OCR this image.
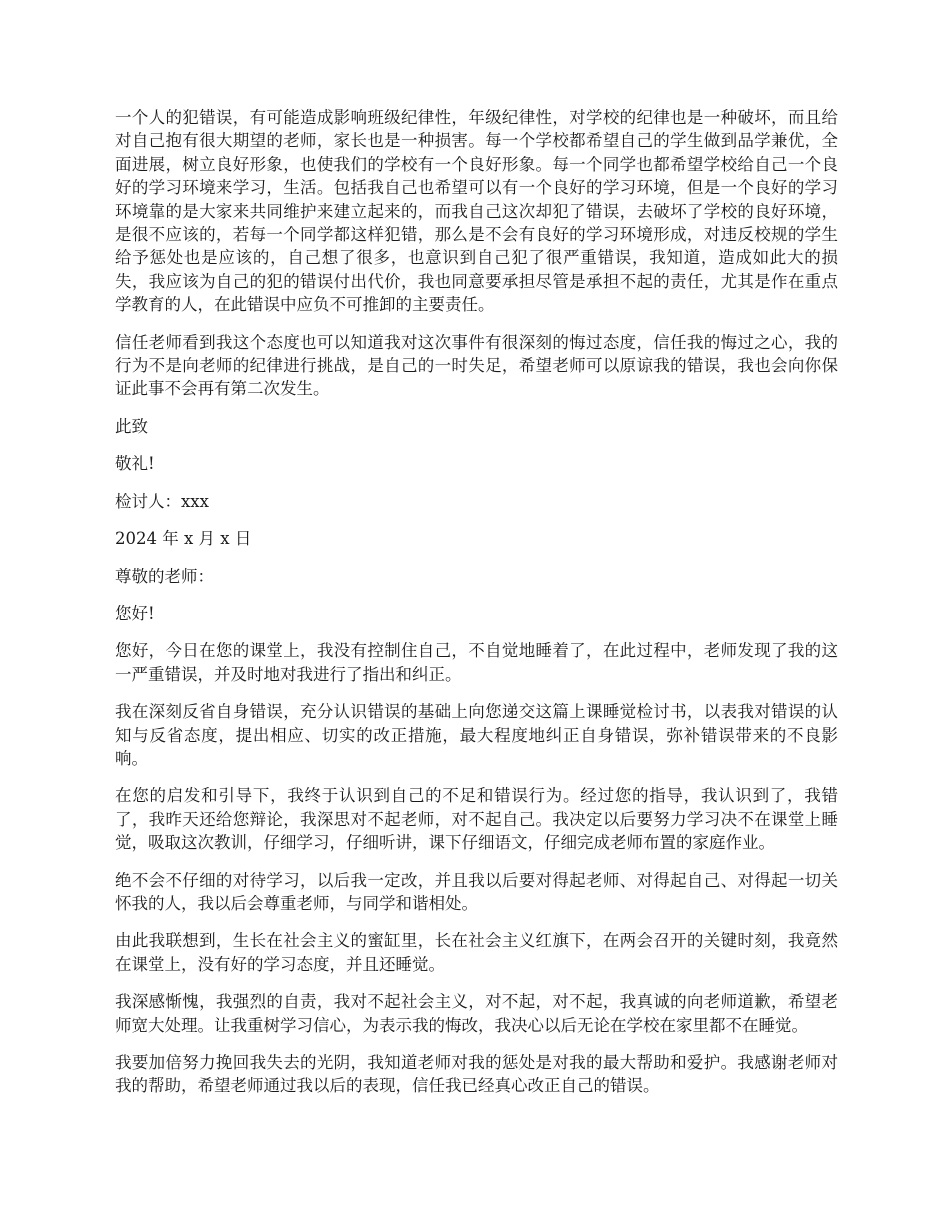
一个人的犯错误，有可能造成影响班级纪律性，年级纪律性，对学校的纪律也是一种破坏，而且给对自己抱有很大期望的老师，家长也是一种损害。每一个学校都希望自己的学生做到品学兼优，全面进展，树立良好形象，也使我们的学校有一个良好形象。每一个同学也都希望学校给自己一个良好的学习环境来学习，生活。包括我自己也希望可以有一个良好的学习环境，但是一个良好的学习环境靠的是大家来共同维护来建立起来的，而我自己这次却犯了错误，去破坏了学校的良好环境，是很不应该的，若每一个同学都这样犯错，那么是不会有良好的学习环境形成，对违反校规的学生给予惩处也是应该的，自己想了很多，也意识到自己犯了很严重错误，我知道，造成如此大的损失，我应该为自己的犯的错误付出代价，我也同意要承担尽管是承担不起的责任，尤其是作在重点学教育的人，在此错误中应负不可推卸的主要责任。

信任老师看到我这个态度也可以知道我对这次事件有很深刻的悔过态度，信任我的悔过之心，我的行为不是向老师的纪律进行挑战，是自己的一时失足，希望老师可以原谅我的错误，我也会向你保证此事不会再有第二次发生。

此致

敬礼!

检讨人：xxx

2024 年 x 月 x 日

尊敬的老师：

您好!

您好，今日在您的课堂上，我没有控制住自己，不自觉地睡着了，在此过程中，老师发现了我的这一严重错误，并及时地对我进行了指出和纠正。

我在深刻反省自身错误，充分认识错误的基础上向您递交这篇上课睡觉检讨书，以表我对错误的认知与反省态度，提出相应、切实的改正措施，最大程度地纠正自身错误，弥补错误带来的不良影响。

在您的启发和引导下，我终于认识到自己的不足和错误行为。经过您的指导，我认识到了，我错了，我昨天还给您辩论，我深思对不起老师，对不起自己。我决定以后要努力学习决不在课堂上睡觉，吸取这次教训，仔细学习，仔细听讲，课下仔细语文，仔细完成老师布置的家庭作业。

绝不会不仔细的对待学习，以后我一定改，并且我以后要对得起老师、对得起自己、对得起一切关怀我的人，我以后会尊重老师，与同学和谐相处。

由此我联想到，生长在社会主义的蜜缸里，长在社会主义红旗下，在两会召开的关键时刻，我竟然在课堂上，没有好的学习态度，并且还睡觉。

我深感惭愧，我强烈的自责，我对不起社会主义，对不起，对不起，我真诚的向老师道歉，希望老师宽大处理。让我重树学习信心，为表示我的悔改，我决心以后无论在学校在家里都不在睡觉。

我要加倍努力挽回我失去的光阴，我知道老师对我的惩处是对我的最大帮助和爱护。我感谢老师对我的帮助，希望老师通过我以后的表现，信任我已经真心改正自己的错误。
